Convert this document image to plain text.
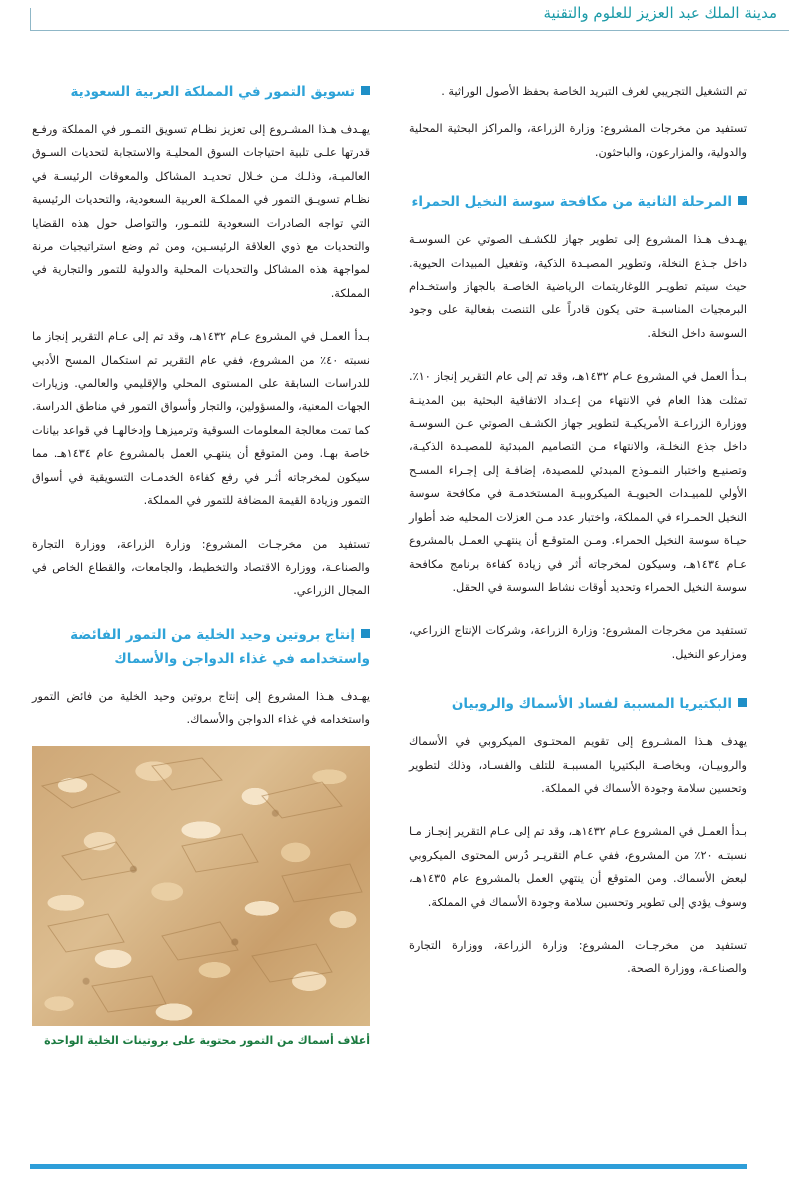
مدينة الملك عبد العزيز للعلوم والتقنية

تم التشغيل التجريبي لغرف التبريد الخاصة بحفظ الأصول الوراثية .

تستفيد من مخرجات المشروع: وزارة الزراعة، والمراكز البحثية المحلية والدولية، والمزارعون، والباحثون.

المرحلة الثانية من مكافحة سوسة النخيل الحمراء

يهـدف هـذا المشروع إلى تطوير جهاز للكشـف الصوتي عن السوسـة داخل جـذع النخلة، وتطوير المصيـدة الذكية، وتفعيل المبيدات الحيوية. حيث سيتم تطويـر اللوغاريتمات الرياضية الخاصـة بالجهاز واستخـدام البرمجيات المناسبـة حتى يكون قادراً على التنصت بفعالية على وجود السوسة داخل النخلة.

بـدأ العمل في المشروع عـام ١٤٣٢هـ، وقد تم إلى عام التقرير إنجاز ١٠٪. تمثلت هذا العام في الانتهاء من إعـداد الاتفاقية البحثية بين المدينـة ووزارة الزراعـة الأمريكيـة لتطوير جهاز الكشـف الصوتي عـن السوسـة داخل جذع النخلـة، والانتهاء مـن التصاميم المبدئية للمصيـدة الذكيـة، وتصنيـع واختبار النمـوذج المبدئي للمصيدة، إضافـة إلى إجـراء المسـح الأولي للمبيـدات الحيويـة الميكروبيـة المستخدمـة في مكافحة سوسة النخيل الحمـراء في المملكة، واختبار عدد مـن العزلات المحليه ضد أطوار حيـاة سوسة النخيل الحمراء. ومـن المتوقـع أن ينتهـي العمـل بالمشروع عـام ١٤٣٤هـ، وسيكون لمخرجاته أثر في زيادة كفاءة برنامج مكافحة سوسة النخيل الحمراء وتحديد أوقات نشاط السوسة في الحقل.

تستفيد من مخرجات المشروع: وزارة الزراعة، وشركات الإنتاج الزراعي، ومزارعو النخيل.

البكتيريا المسببة لفساد الأسماك والروبيان

يهدف هـذا المشـروع إلى تقويم المحتـوى الميكروبي في الأسماك والروبيـان، وبخاصـة البكتيريا المسببـة للتلف والفسـاد، وذلك لتطوير وتحسين سلامة وجودة الأسماك في المملكة.

بـدأ العمـل في المشروع عـام ١٤٣٢هـ، وقد تم إلى عـام التقرير إنجـاز مـا نسبتـه ٢٠٪ من المشروع، ففي عـام التقريـر دُرس المحتوى الميكروبي لبعض الأسماك. ومن المتوقع أن ينتهي العمل بالمشروع عام ١٤٣٥هـ، وسوف يؤدي إلى تطوير وتحسين سلامة وجودة الأسماك في المملكة.

تستفيد من مخرجـات المشروع: وزارة الزراعة، ووزارة التجارة والصناعـة، ووزارة الصحة.

تسويق التمور في المملكة العربية السعودية

يهـدف هـذا المشـروع إلى تعزيز نظـام تسويق التمـور في المملكة ورفـع قدرتها علـى تلبية احتياجات السوق المحليـة والاستجابة لتحديات السـوق العالميـة، وذلـك مـن خـلال تحديـد المشاكل والمعوقات الرئيسـة في نظـام تسويـق التمور في المملكـة العربية السعودية، والتحديات الرئيسية التي تواجه الصادرات السعودية للتمـور، والتواصل حول هذه القضايا والتحديات مع ذوي العلاقة الرئيسـين، ومن ثم وضع استراتيجيات مرنة لمواجهة هذه المشاكل والتحديات المحلية والدولية للتمور والتجارية في المملكة.

بـدأ العمـل في المشروع عـام ١٤٣٢هـ، وقد تم إلى عـام التقرير إنجاز ما نسبته ٤٠٪ من المشروع، ففي عام التقرير تم استكمال المسح الأدبي للدراسات السابقة على المستوى المحلي والإقليمي والعالمي. وزيارات الجهات المعنية، والمسؤولين، والتجار وأسواق التمور في مناطق الدراسة. كما تمت معالجة المعلومات السوقية وترميزهـا وإدخالهـا في قواعد بيانات خاصة بهـا. ومن المتوقع أن ينتهـي العمل بالمشروع عام ١٤٣٤هـ. مما سيكون لمخرجاته أثـر في رفع كفاءة الخدمـات التسويقية في أسواق التمور وزيادة القيمة المضافة للتمور في المملكة.

تستفيد من مخرجـات المشروع: وزارة الزراعة، ووزارة التجارة والصناعـة، ووزارة الاقتصاد والتخطيط، والجامعات، والقطاع الخاص في المجال الزراعي.

إنتاج بروتين وحيد الخلية من التمور الفائضة واستخدامه في غذاء الدواجن والأسماك

يهـدف هـذا المشروع إلى إنتاج بروتين وحيد الخلية من فائض التمور واستخدامه في غذاء الدواجن والأسماك.

أعلاف أسماك من التمور محتوية على بروتينات الخلية الواحدة
